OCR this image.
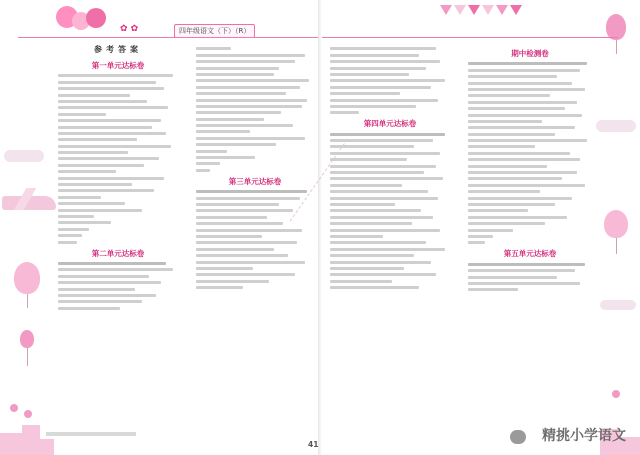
✿ ✿	四年级语文（下）（R）
参考答案
第一单元达标卷
第二单元达标卷
第三单元达标卷
第四单元达标卷
期中检测卷
第五单元达标卷
41
精挑小学语文
